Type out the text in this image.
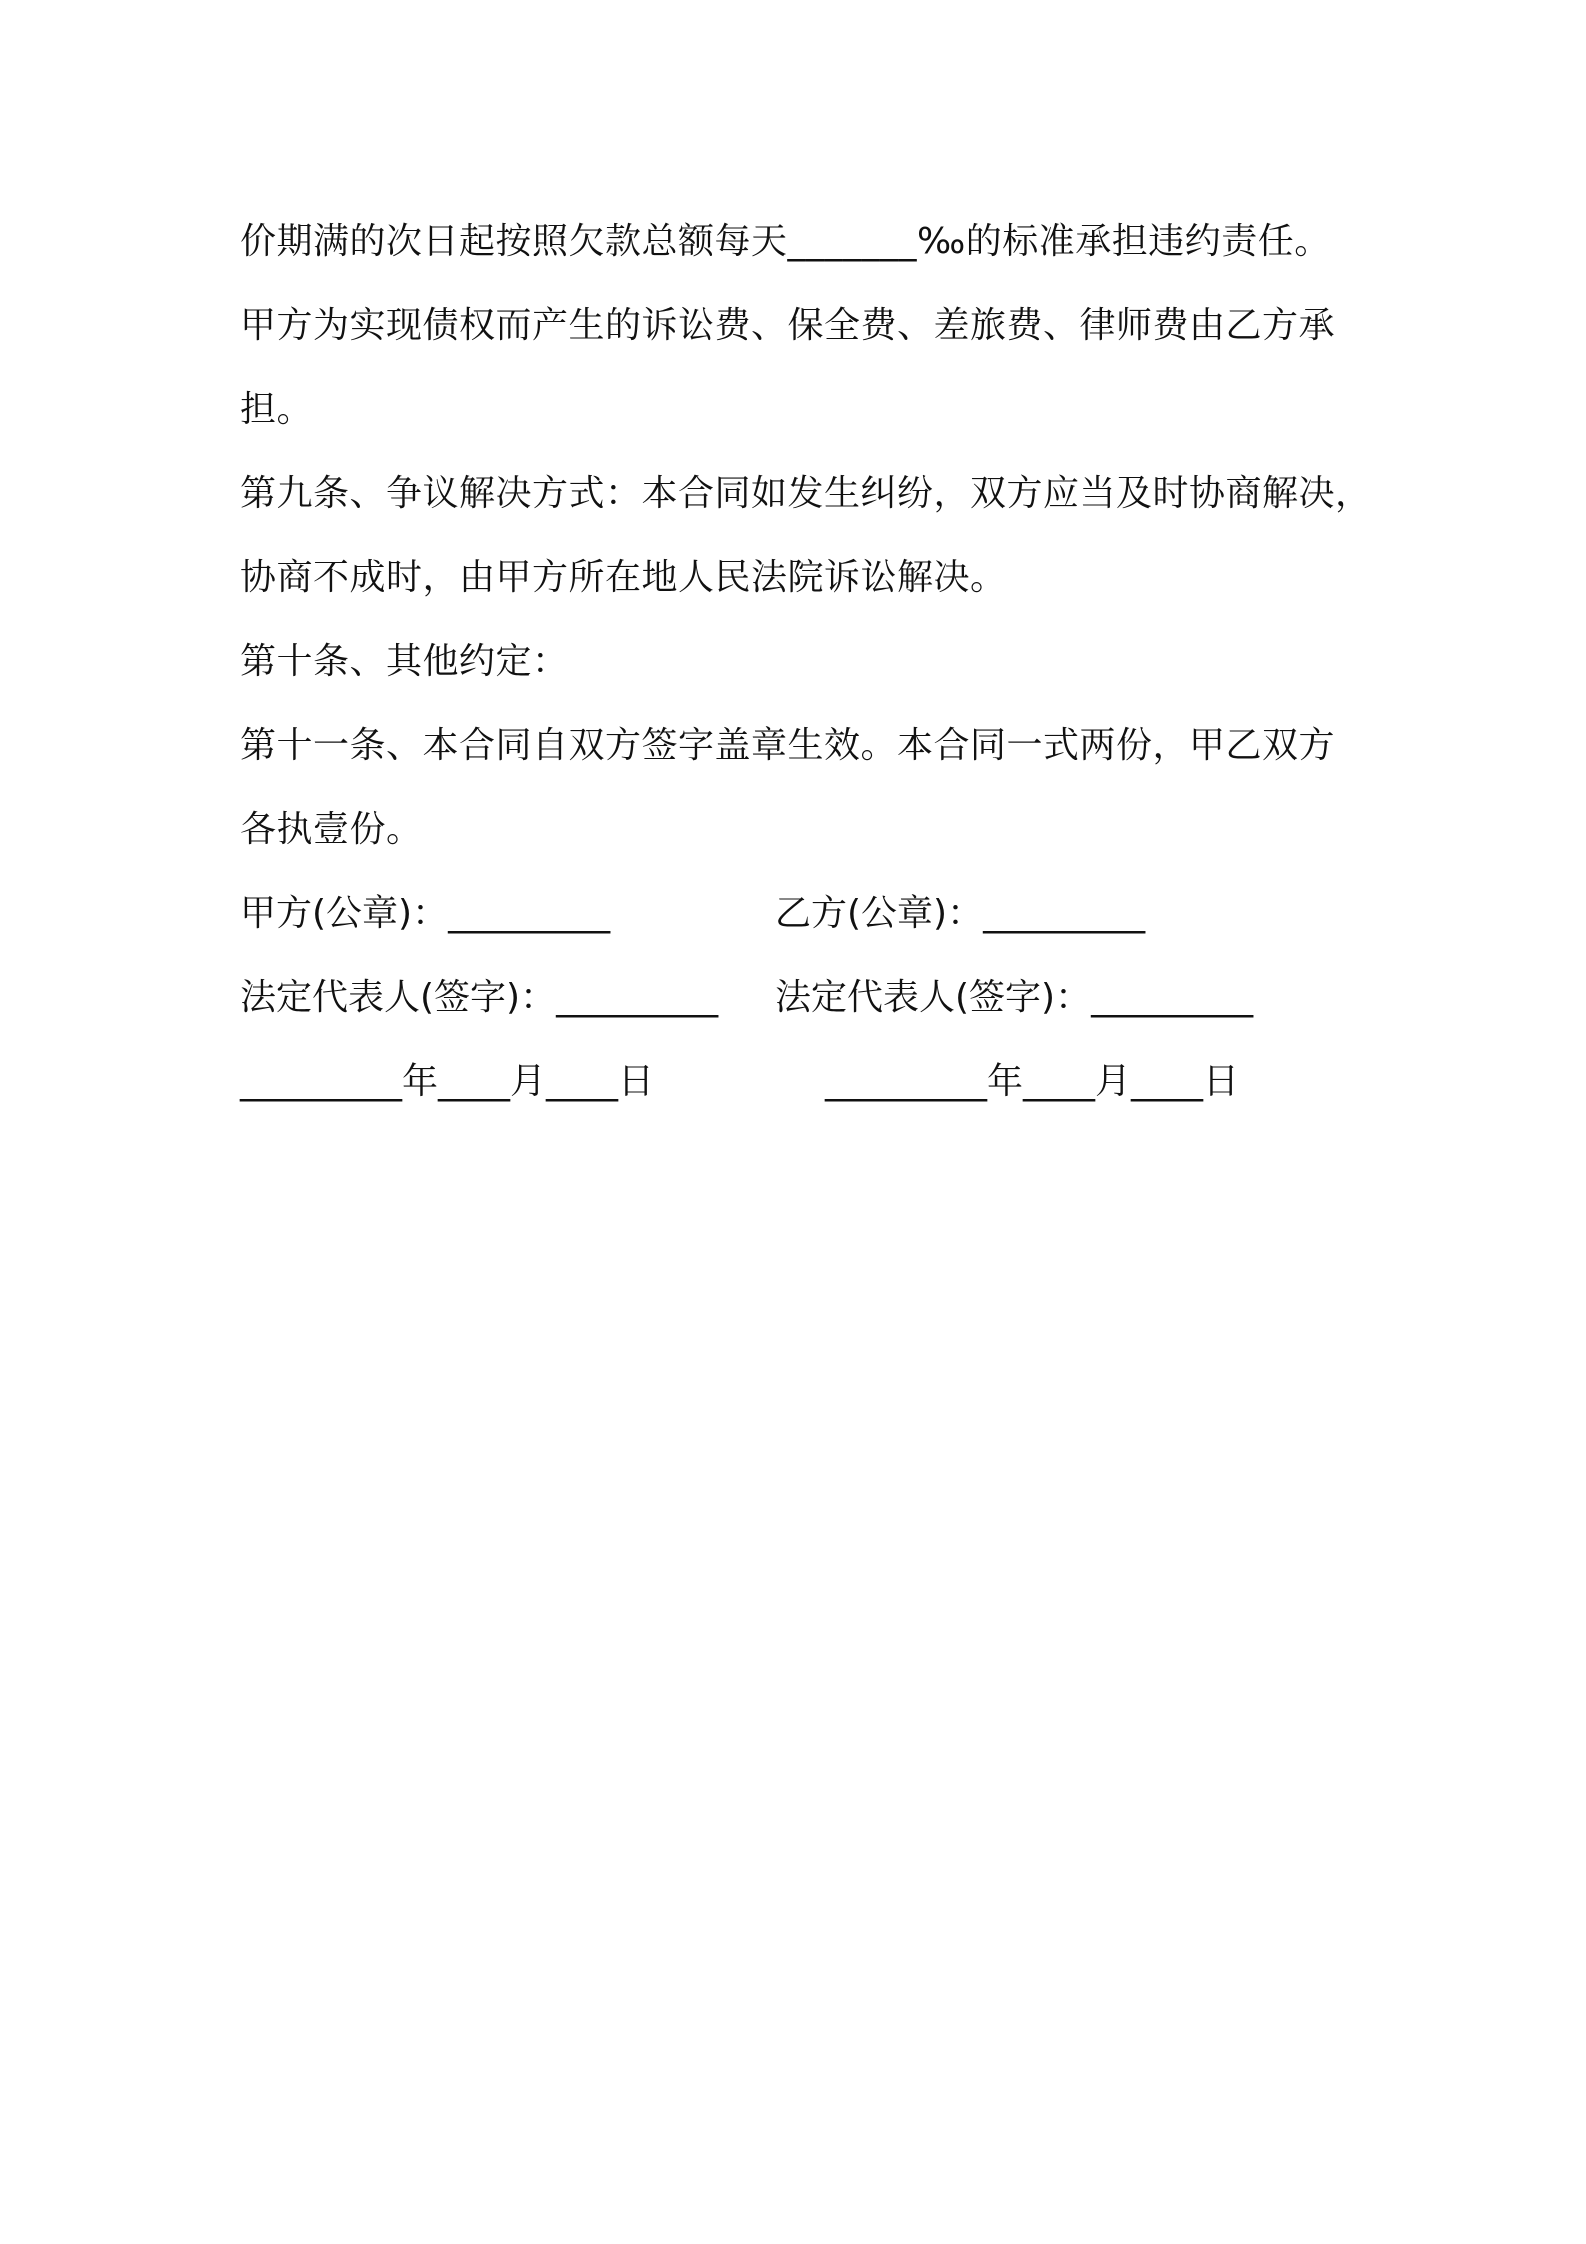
价期满的次日起按照欠款总额每天_______‰的标准承担违约责任。
甲方为实现债权而产生的诉讼费、保全费、差旅费、律师费由乙方承
担。
第九条、争议解决方式：本合同如发生纠纷，双方应当及时协商解决，
协商不成时，由甲方所在地人民法院诉讼解决。
第十条、其他约定：
第十一条、本合同自双方签字盖章生效。本合同一式两份，甲乙双方
各执壹份。
甲方(公章)：_________	乙方(公章)：_________
法定代表人(签字)：_________ 法定代表人(签字)：_________
_________年____月____日	_________年____月____日
